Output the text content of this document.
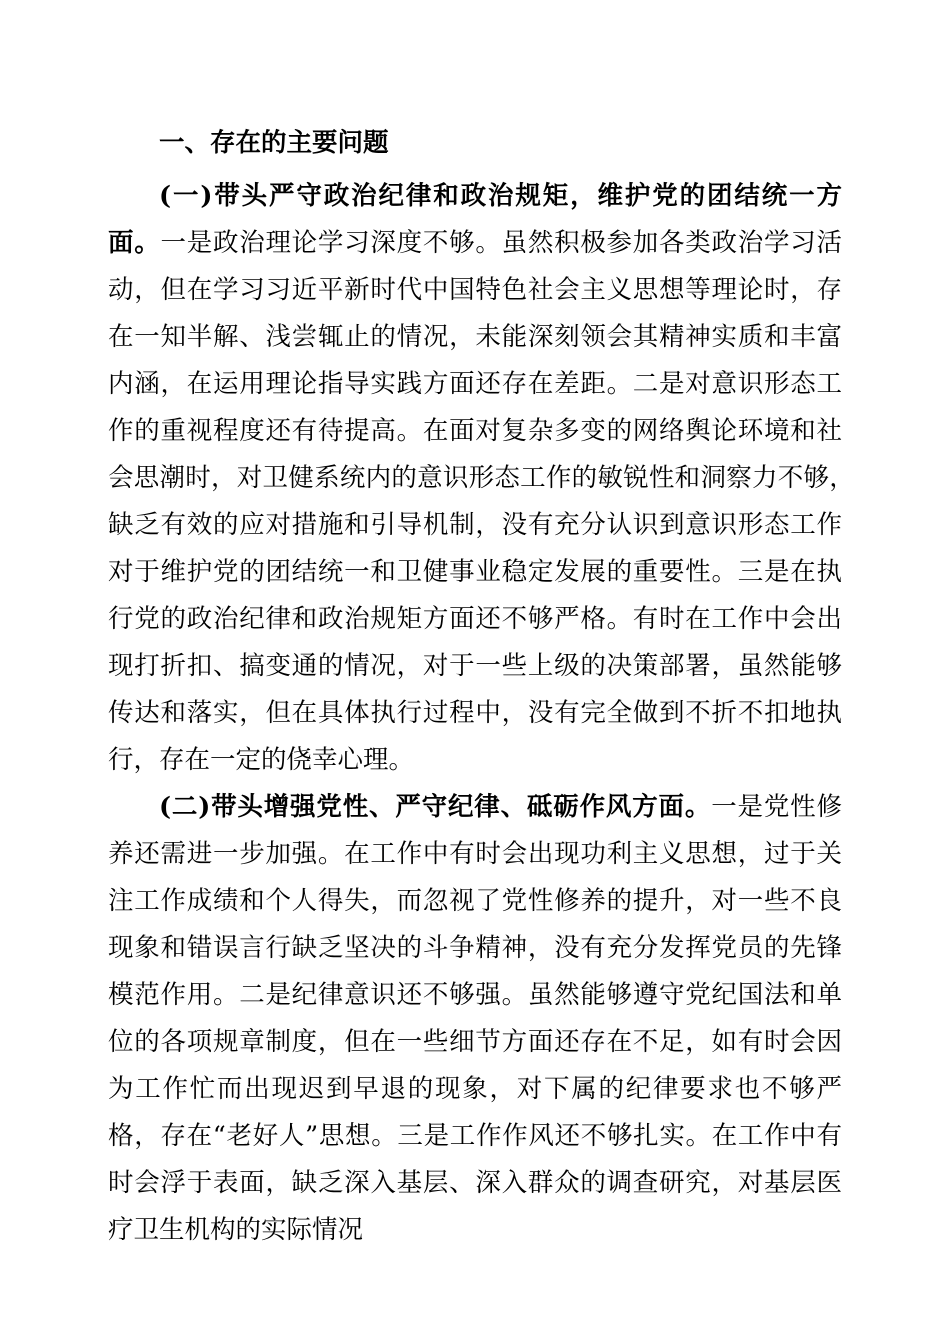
一、存在的主要问题

(一)带头严守政治纪律和政治规矩，维护党的团结统一方面。一是政治理论学习深度不够。虽然积极参加各类政治学习活动，但在学习习近平新时代中国特色社会主义思想等理论时，存在一知半解、浅尝辄止的情况，未能深刻领会其精神实质和丰富内涵，在运用理论指导实践方面还存在差距。二是对意识形态工作的重视程度还有待提高。在面对复杂多变的网络舆论环境和社会思潮时，对卫健系统内的意识形态工作的敏锐性和洞察力不够，　缺乏有效的应对措施和引导机制，没有充分认识到意识形态工作对于维护党的团结统一和卫健事业稳定发展的重要性。三是在执行党的政治纪律和政治规矩方面还不够严格。有时在工作中会出现打折扣、搞变通的情况，对于一些上级的决策部署，虽然能够传达和落实，但在具体执行过程中，没有完全做到不折不扣地执行，存在一定的侥幸心理。

(二)带头增强党性、严守纪律、砥砺作风方面。一是党性修养还需进一步加强。在工作中有时会出现功利主义思想，过于关注工作成绩和个人得失，而忽视了党性修养的提升，对一些不良现象和错误言行缺乏坚决的斗争精神，没有充分发挥党员的先锋模范作用。二是纪律意识还不够强。虽然能够遵守党纪国法和单位的各项规章制度，但在一些细节方面还存在不足，如有时会因为工作忙而出现迟到早退的现象，对下属的纪律要求也不够严格，存在“老好人”思想。三是工作作风还不够扎实。在工作中有时会浮于表面，缺乏深入基层、深入群众的调查研究，对基层医疗卫生机构的实际情况
